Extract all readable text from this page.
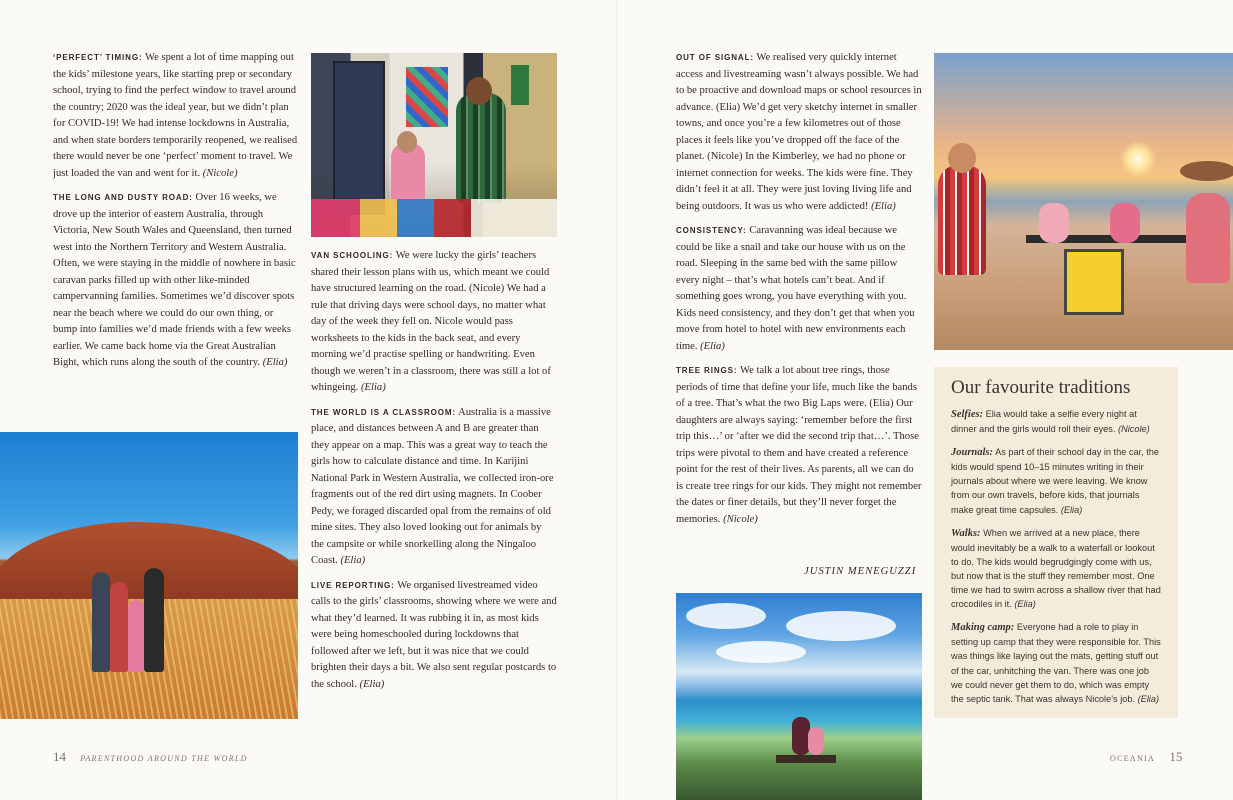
‘PERFECT’ TIMING: We spent a lot of time mapping out the kids’ milestone years, like starting prep or secondary school, trying to find the perfect window to travel around the country; 2020 was the ideal year, but we didn’t plan for COVID-19! We had intense lockdowns in Australia, and when state borders temporarily reopened, we realised there would never be one ‘perfect’ moment to travel. We just loaded the van and went for it. (Nicole)

THE LONG AND DUSTY ROAD: Over 16 weeks, we drove up the interior of eastern Australia, through Victoria, New South Wales and Queensland, then turned west into the Northern Territory and Western Australia. Often, we were staying in the middle of nowhere in basic caravan parks filled up with other like-minded campervanning families. Sometimes we’d discover spots near the beach where we could do our own thing, or bump into families we’d made friends with a few weeks earlier. We came back home via the Great Australian Bight, which runs along the south of the country. (Elia)

VAN SCHOOLING: We were lucky the girls’ teachers shared their lesson plans with us, which meant we could have structured learning on the road. (Nicole) We had a rule that driving days were school days, no matter what day of the week they fell on. Nicole would pass worksheets to the kids in the back seat, and every morning we’d practise spelling or handwriting. Even though we weren’t in a classroom, there was still a lot of whingeing. (Elia)

THE WORLD IS A CLASSROOM: Australia is a massive place, and distances between A and B are greater than they appear on a map. This was a great way to teach the girls how to calculate distance and time. In Karijini National Park in Western Australia, we collected iron-ore fragments out of the red dirt using magnets. In Coober Pedy, we foraged discarded opal from the remains of old mine sites. They also loved looking out for animals by the campsite or while snorkelling along the Ningaloo Coast. (Elia)

LIVE REPORTING: We organised livestreamed video calls to the girls’ classrooms, showing where we were and what they’d learned. It was rubbing it in, as most kids were being homeschooled during lockdowns that followed after we left, but it was nice that we could brighten their days a bit. We also sent regular postcards to the school. (Elia)

14 PARENTHOOD AROUND THE WORLD

OUT OF SIGNAL: We realised very quickly internet access and livestreaming wasn’t always possible. We had to be proactive and download maps or school resources in advance. (Elia) We’d get very sketchy internet in smaller towns, and once you’re a few kilometres out of those places it feels like you’ve dropped off the face of the planet. (Nicole) In the Kimberley, we had no phone or internet connection for weeks. The kids were fine. They didn’t feel it at all. They were just loving living life and being outdoors. It was us who were addicted! (Elia)

CONSISTENCY: Caravanning was ideal because we could be like a snail and take our house with us on the road. Sleeping in the same bed with the same pillow every night – that’s what hotels can’t beat. And if something goes wrong, you have everything with you. Kids need consistency, and they don’t get that when you move from hotel to hotel with new environments each time. (Elia)

TREE RINGS: We talk a lot about tree rings, those periods of time that define your life, much like the bands of a tree. That’s what the two Big Laps were. (Elia) Our daughters are always saying: ‘remember before the first trip this…’ or ‘after we did the second trip that…’. Those trips were pivotal to them and have created a reference point for the rest of their lives. As parents, all we can do is create tree rings for our kids. They might not remember the dates or finer details, but they’ll never forget the memories. (Nicole)

JUSTIN MENEGUZZI
Our favourite traditions

Selfies: Elia would take a selfie every night at dinner and the girls would roll their eyes. (Nicole)

Journals: As part of their school day in the car, the kids would spend 10–15 minutes writing in their journals about where we were leaving. We know from our own travels, before kids, that journals make great time capsules. (Elia)

Walks: When we arrived at a new place, there would inevitably be a walk to a waterfall or lookout to do. The kids would begrudgingly come with us, but now that is the stuff they remember most. One time we had to swim across a shallow river that had crocodiles in it. (Elia)

Making camp: Everyone had a role to play in setting up camp that they were responsible for. This was things like laying out the mats, getting stuff out of the car, unhitching the van. There was one job we could never get them to do, which was empty the septic tank. That was always Nicole’s job. (Elia)

OCEANIA 15
